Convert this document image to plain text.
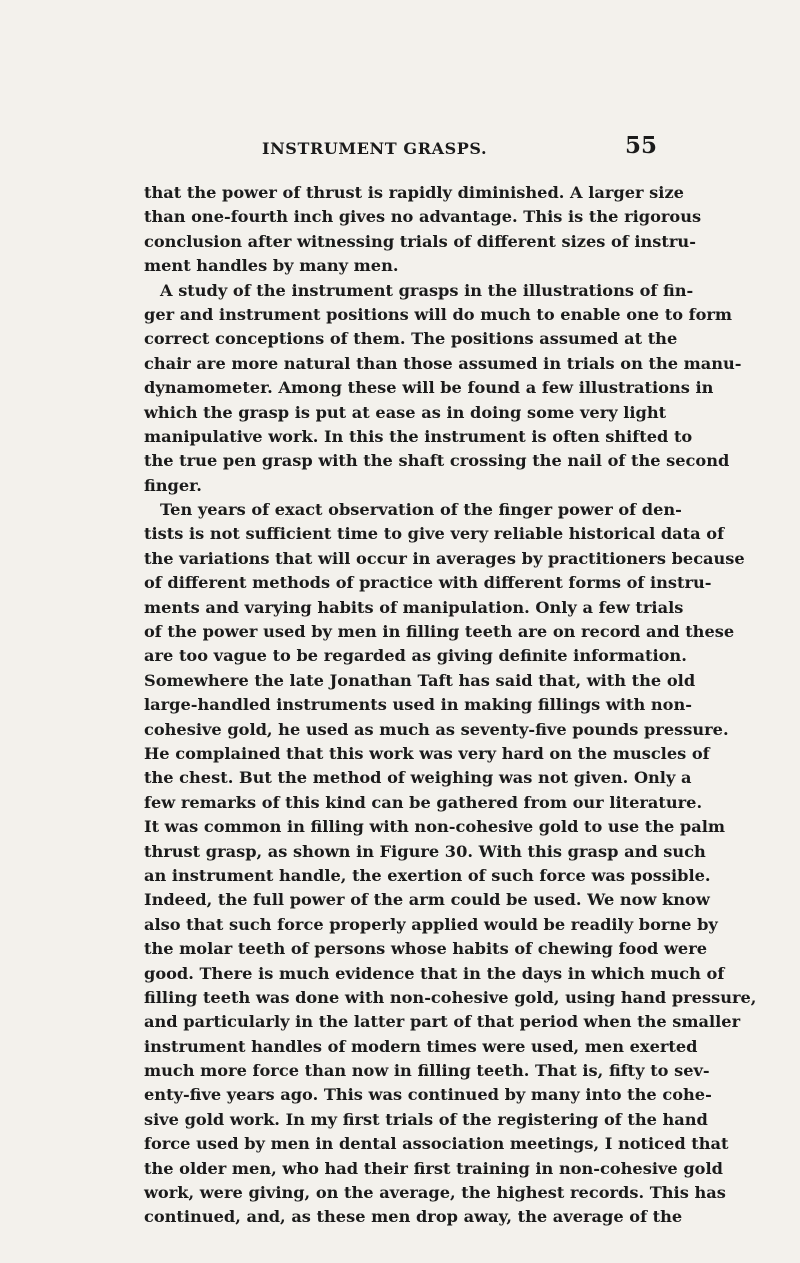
INSTRUMENT GRASPS.	55
that the power of thrust is rapidly diminished. A larger size
than one-fourth inch gives no advantage. This is the rigorous
conclusion after witnessing trials of different sizes of instru-
ment handles by many men.
A study of the instrument grasps in the illustrations of fin-
ger and instrument positions will do much to enable one to form
correct conceptions of them. The positions assumed at the
chair are more natural than those assumed in trials on the manu-
dynamometer. Among these will be found a few illustrations in
which the grasp is put at ease as in doing some very light
manipulative work. In this the instrument is often shifted to
the true pen grasp with the shaft crossing the nail of the second
finger.
Ten years of exact observation of the finger power of den-
tists is not sufficient time to give very reliable historical data of
the variations that will occur in averages by practitioners because
of different methods of practice with different forms of instru-
ments and varying habits of manipulation. Only a few trials
of the power used by men in filling teeth are on record and these
are too vague to be regarded as giving definite information.
Somewhere the late Jonathan Taft has said that, with the old
large-handled instruments used in making fillings with non-
cohesive gold, he used as much as seventy-five pounds pressure.
He complained that this work was very hard on the muscles of
the chest. But the method of weighing was not given. Only a
few remarks of this kind can be gathered from our literature.
It was common in filling with non-cohesive gold to use the palm
thrust grasp, as shown in Figure 30. With this grasp and such
an instrument handle, the exertion of such force was possible.
Indeed, the full power of the arm could be used. We now know
also that such force properly applied would be readily borne by
the molar teeth of persons whose habits of chewing food were
good. There is much evidence that in the days in which much of
filling teeth was done with non-cohesive gold, using hand pressure,
and particularly in the latter part of that period when the smaller
instrument handles of modern times were used, men exerted
much more force than now in filling teeth. That is, fifty to sev-
enty-five years ago. This was continued by many into the cohe-
sive gold work. In my first trials of the registering of the hand
force used by men in dental association meetings, I noticed that
the older men, who had their first training in non-cohesive gold
work, were giving, on the average, the highest records. This has
continued, and, as these men drop away, the average of the
